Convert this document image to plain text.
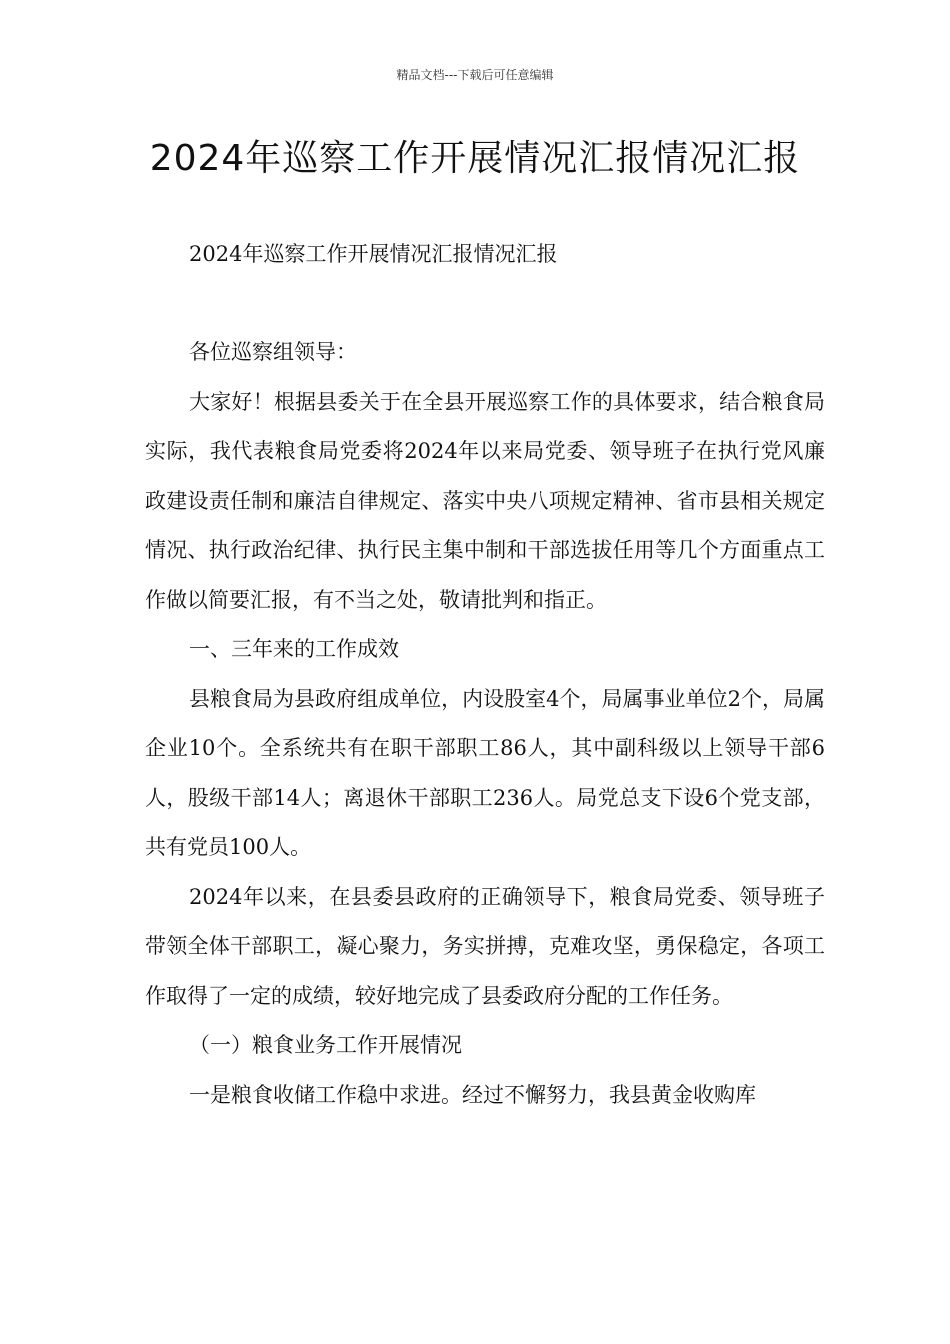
精品文档---下载后可任意编辑
2024年巡察工作开展情况汇报情况汇报

2024年巡察工作开展情况汇报情况汇报

各位巡察组领导：

大家好！根据县委关于在全县开展巡察工作的具体要求，结合粮食局实际，我代表粮食局党委将2024年以来局党委、领导班子在执行党风廉政建设责任制和廉洁自律规定、落实中央八项规定精神、省市县相关规定情况、执行政治纪律、执行民主集中制和干部选拔任用等几个方面重点工作做以简要汇报，有不当之处，敬请批判和指正。

一、三年来的工作成效

县粮食局为县政府组成单位，内设股室4个，局属事业单位2个，局属企业10个。全系统共有在职干部职工86人，其中副科级以上领导干部6人，股级干部14人；离退休干部职工236人。局党总支下设6个党支部，共有党员100人。

2024年以来，在县委县政府的正确领导下，粮食局党委、领导班子带领全体干部职工，凝心聚力，务实拼搏，克难攻坚，勇保稳定，各项工作取得了一定的成绩，较好地完成了县委政府分配的工作任务。

（一）粮食业务工作开展情况

一是粮食收储工作稳中求进。经过不懈努力，我县黄金收购库
